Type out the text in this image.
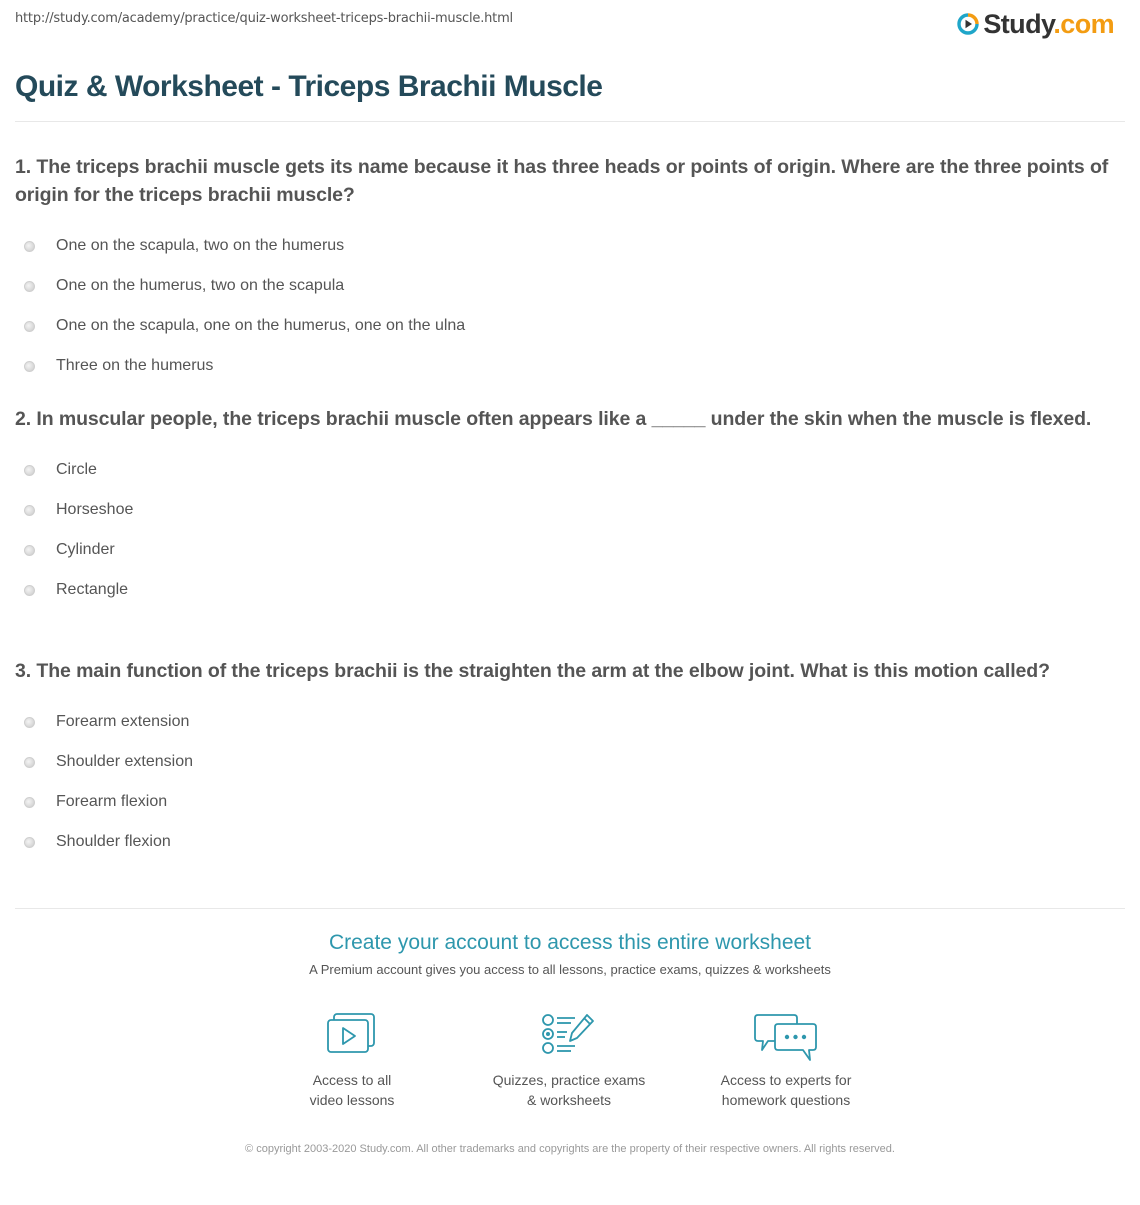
http://study.com/academy/practice/quiz-worksheet-triceps-brachii-muscle.html	Study.com
Quiz & Worksheet - Triceps Brachii Muscle
1. The triceps brachii muscle gets its name because it has three heads or points of origin. Where are the three points of origin for the triceps brachii muscle?
One on the scapula, two on the humerus
One on the humerus, two on the scapula
One on the scapula, one on the humerus, one on the ulna
Three on the humerus
2. In muscular people, the triceps brachii muscle often appears like a _____ under the skin when the muscle is flexed.
Circle
Horseshoe
Cylinder
Rectangle
3. The main function of the triceps brachii is the straighten the arm at the elbow joint. What is this motion called?
Forearm extension
Shoulder extension
Forearm flexion
Shoulder flexion
Create your account to access this entire worksheet
A Premium account gives you access to all lessons, practice exams, quizzes & worksheets
Access to all
video lessons
Quizzes, practice exams
& worksheets
Access to experts for
homework questions
© copyright 2003-2020 Study.com. All other trademarks and copyrights are the property of their respective owners. All rights reserved.
